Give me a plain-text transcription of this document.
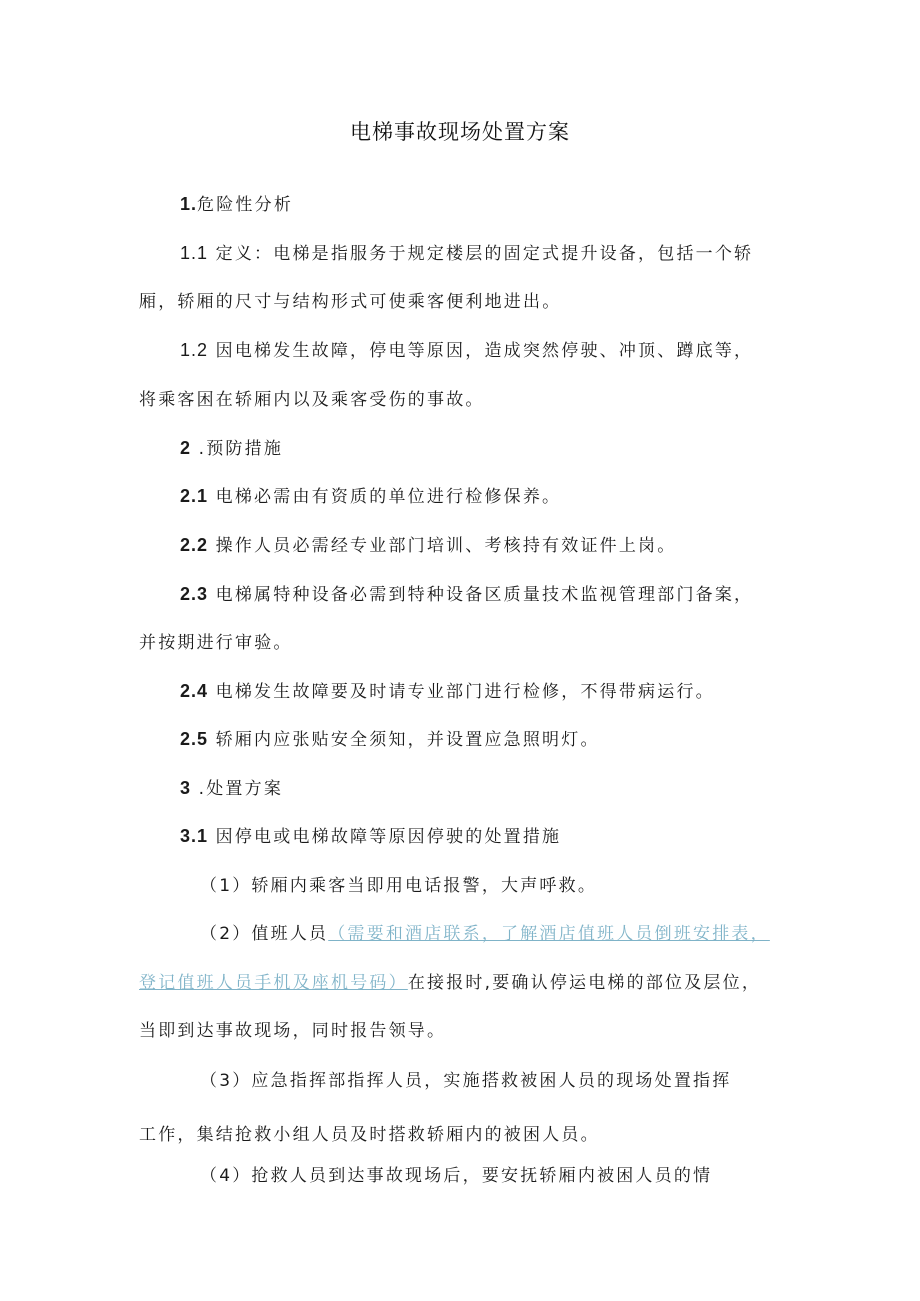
电梯事故现场处置方案
1.危险性分析
1.1 定义：电梯是指服务于规定楼层的固定式提升设备，包括一个轿
厢，轿厢的尺寸与结构形式可使乘客便利地进出。
1.2 因电梯发生故障，停电等原因，造成突然停驶、冲顶、蹲底等，
将乘客困在轿厢内以及乘客受伤的事故。
2 .预防措施
2.1 电梯必需由有资质的单位进行检修保养。
2.2 操作人员必需经专业部门培训、考核持有效证件上岗。
2.3 电梯属特种设备必需到特种设备区质量技术监视管理部门备案，
并按期进行审验。
2.4 电梯发生故障要及时请专业部门进行检修，不得带病运行。
2.5 轿厢内应张贴安全须知，并设置应急照明灯。
3 .处置方案
3.1 因停电或电梯故障等原因停驶的处置措施
（1）轿厢内乘客当即用电话报警，大声呼救。
（2）值班人员（需要和酒店联系，了解酒店值班人员倒班安排表，
登记值班人员手机及座机号码）在接报时,要确认停运电梯的部位及层位，
当即到达事故现场，同时报告领导。
（3）应急指挥部指挥人员，实施搭救被困人员的现场处置指挥
工作，集结抢救小组人员及时搭救轿厢内的被困人员。
（4）抢救人员到达事故现场后，要安抚轿厢内被困人员的情
